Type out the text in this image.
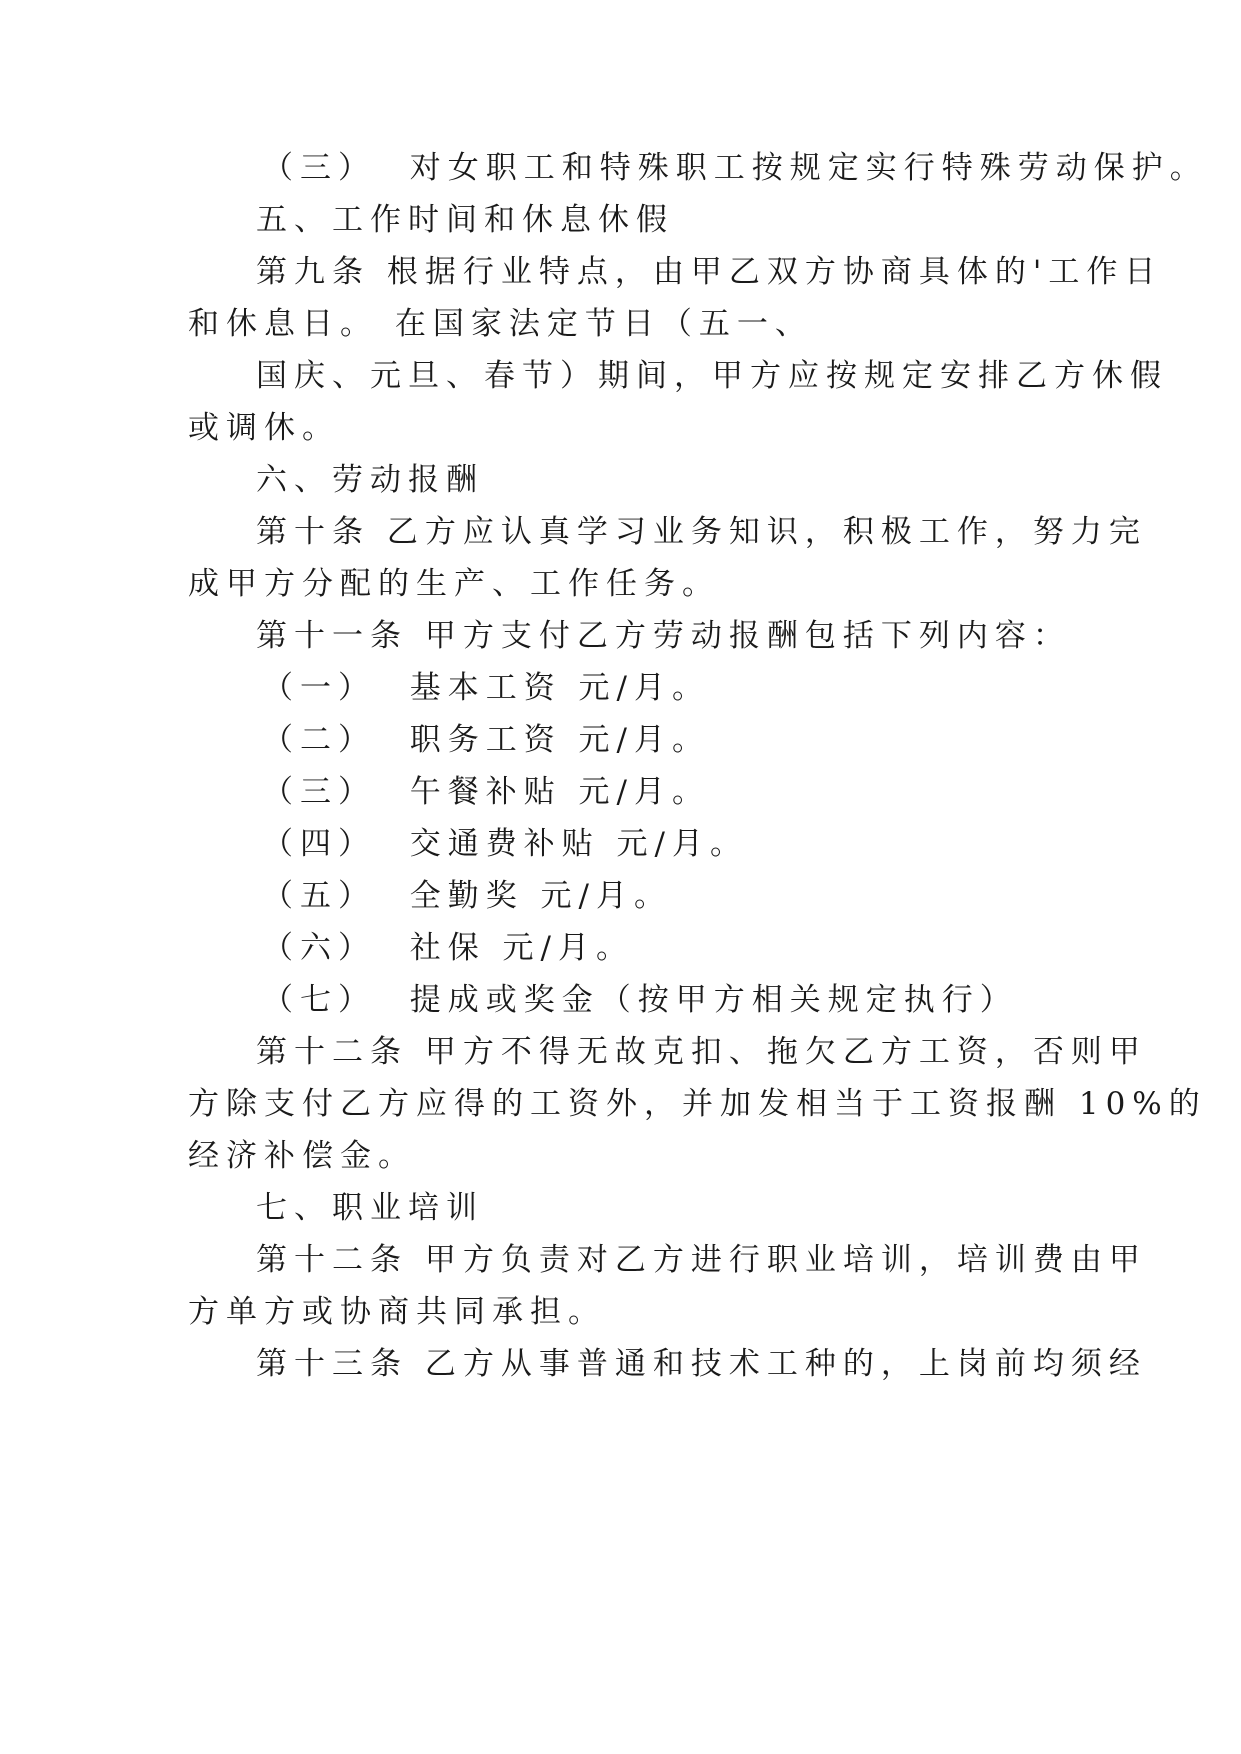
（三）  对女职工和特殊职工按规定实行特殊劳动保护。
五、工作时间和休息休假
第九条 根据行业特点，由甲乙双方协商具体的'工作日
和休息日。 在国家法定节日（五一、
国庆、元旦、春节）期间，甲方应按规定安排乙方休假
或调休。
六、劳动报酬
第十条 乙方应认真学习业务知识，积极工作，努力完
成甲方分配的生产、工作任务。
第十一条 甲方支付乙方劳动报酬包括下列内容：
（一）  基本工资 元/月。
（二）  职务工资 元/月。
（三）  午餐补贴 元/月。
（四）  交通费补贴 元/月。
（五）  全勤奖 元/月。
（六）  社保 元/月。
（七）  提成或奖金（按甲方相关规定执行）
第十二条 甲方不得无故克扣、拖欠乙方工资，否则甲
方除支付乙方应得的工资外，并加发相当于工资报酬 10%的
经济补偿金。
七、职业培训
第十二条 甲方负责对乙方进行职业培训，培训费由甲
方单方或协商共同承担。
第十三条 乙方从事普通和技术工种的，上岗前均须经
